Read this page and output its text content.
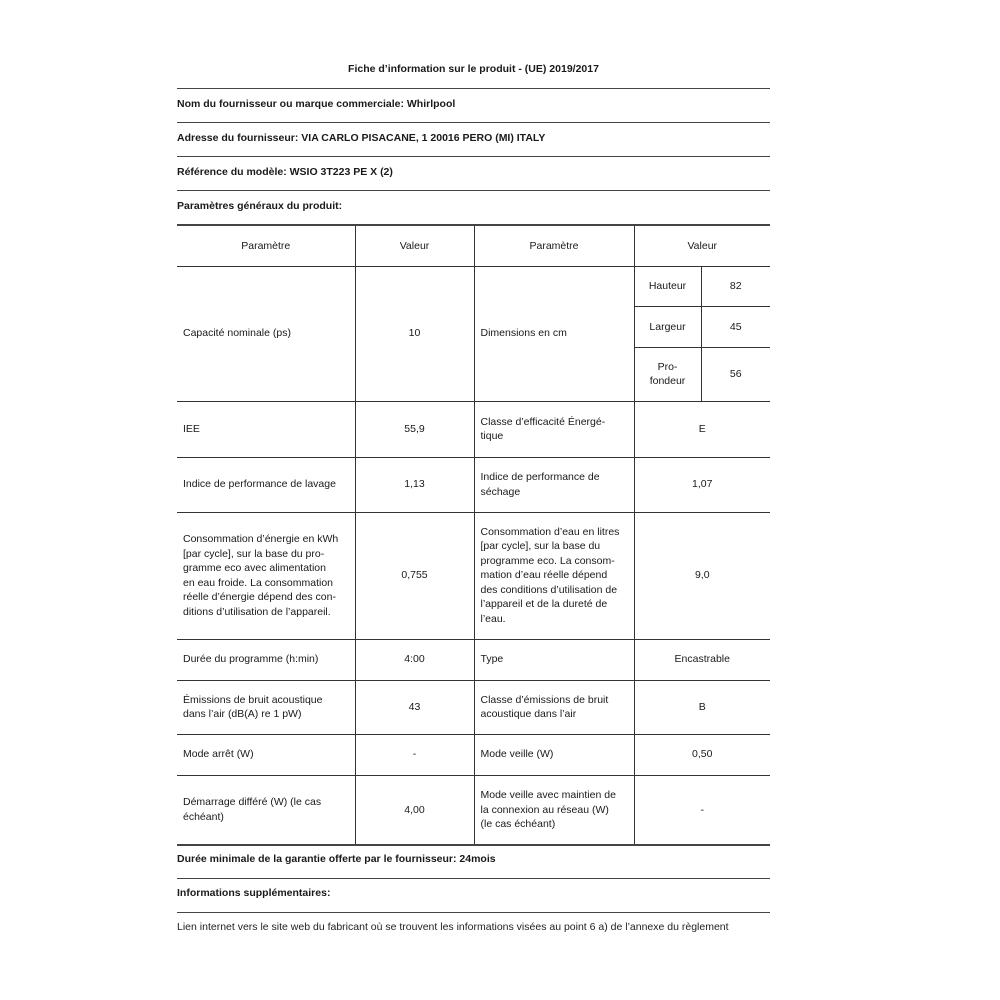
Fiche d’information sur le produit - (UE) 2019/2017
Nom du fournisseur ou marque commerciale: Whirlpool
Adresse du fournisseur: VIA CARLO PISACANE, 1 20016 PERO (MI) ITALY
Référence du modèle: WSIO 3T223 PE X (2)
Paramètres généraux du produit:
Paramètre	Valeur	Paramètre	Valeur
Capacité nominale (ps)	10	Dimensions en cm	
Hauteur	82
Largeur	45
Pro-
fondeur	56

IEE	55,9	Classe d’efficacité Énergé-
tique	E
Indice de performance de lavage	1,13	Indice de performance de
séchage	1,07
Consommation d’énergie en kWh
[par cycle], sur la base du pro-
gramme eco avec alimentation
en eau froide. La consommation
réelle d’énergie dépend des con-
ditions d’utilisation de l’appareil.	0,755	Consommation d’eau en litres
[par cycle], sur la base du
programme eco. La consom-
mation d’eau réelle dépend
des conditions d’utilisation de
l’appareil et de la dureté de
l’eau.	9,0
Durée du programme (h:min)	4:00	Type	Encastrable
Émissions de bruit acoustique
dans l’air (dB(A) re 1 pW)	43	Classe d’émissions de bruit
acoustique dans l’air	B
Mode arrêt (W)	-	Mode veille (W)	0,50
Démarrage différé (W) (le cas
échéant)	4,00	Mode veille avec maintien de
la connexion au réseau (W)
(le cas échéant)	-
Durée minimale de la garantie offerte par le fournisseur: 24mois
Informations supplémentaires:
Lien internet vers le site web du fabricant où se trouvent les informations visées au point 6 a) de l’annexe du règlement
